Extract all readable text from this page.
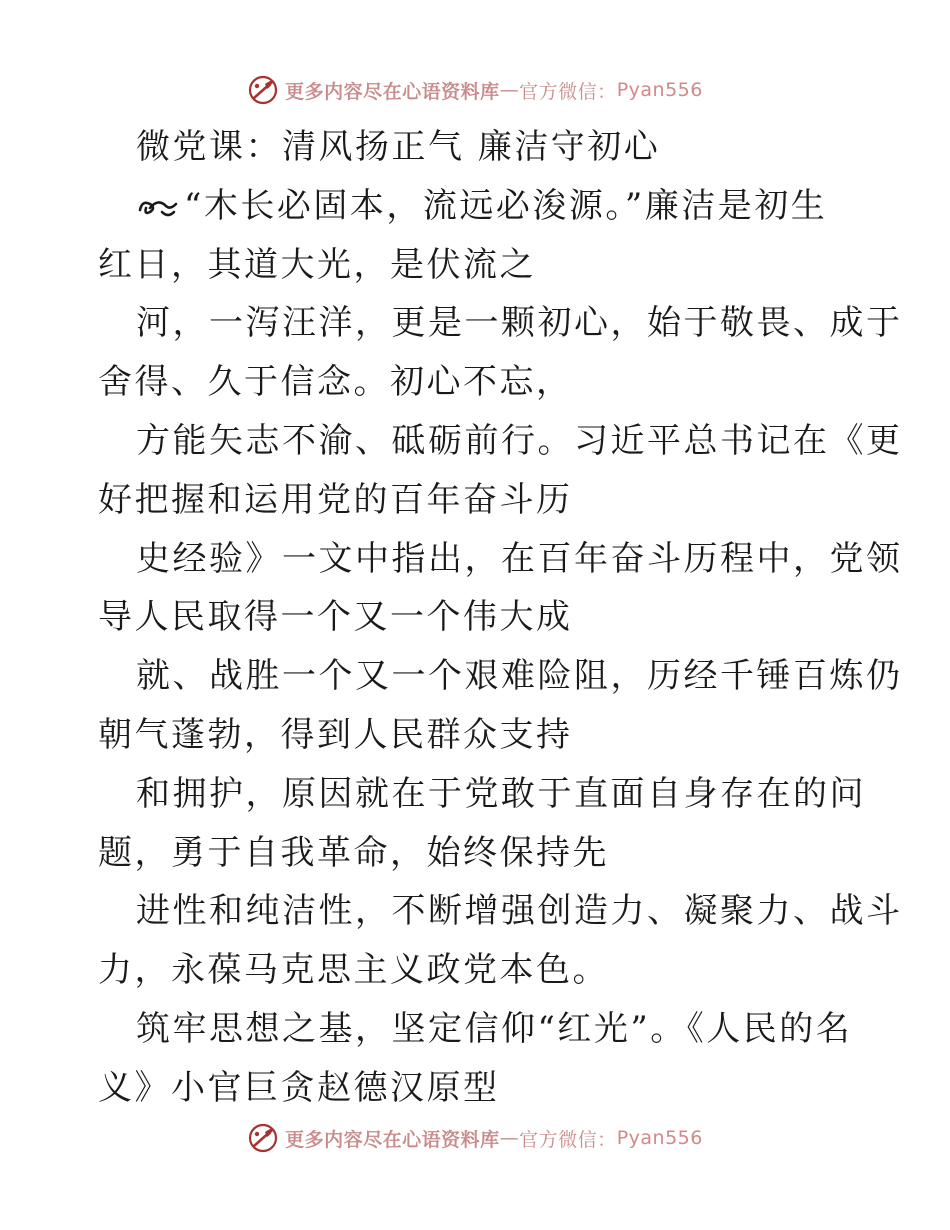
更多内容尽在心语资料库 — 官方微信： Pyan556
微党课：清风扬正气 廉洁守初心
“木长必固本，流远必浚源。”廉洁是初生
红日，其道大光，是伏流之
河，一泻汪洋，更是一颗初心，始于敬畏、成于
舍得、久于信念。初心不忘，
方能矢志不渝、砥砺前行。习近平总书记在《更
好把握和运用党的百年奋斗历
史经验》一文中指出，在百年奋斗历程中，党领
导人民取得一个又一个伟大成
就、战胜一个又一个艰难险阻，历经千锤百炼仍
朝气蓬勃，得到人民群众支持
和拥护，原因就在于党敢于直面自身存在的问
题，勇于自我革命，始终保持先
进性和纯洁性，不断增强创造力、凝聚力、战斗
力，永葆马克思主义政党本色。
筑牢思想之基，坚定信仰“红光”。《人民的名
义》小官巨贪赵德汉原型
更多内容尽在心语资料库 — 官方微信： Pyan556
